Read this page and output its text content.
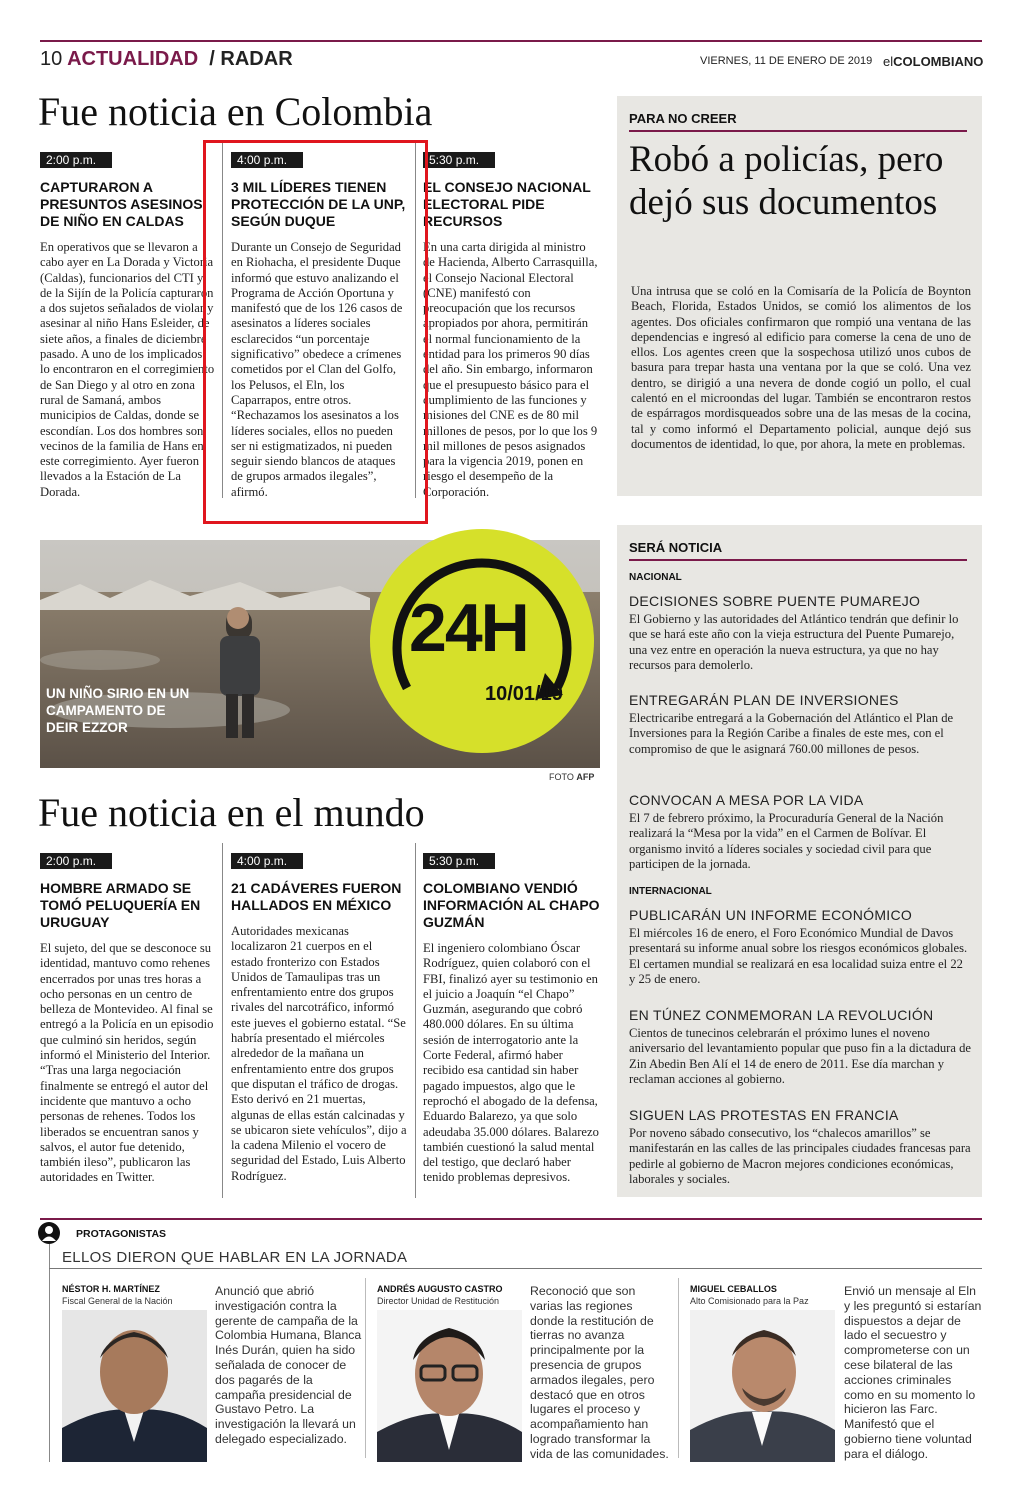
10 ACTUALIDAD / RADAR	VIERNES, 11 DE ENERO DE 2019 elCOLOMBIANO
Fue noticia en Colombia
2:00 p.m.
CAPTURARON A PRESUNTOS ASESINOS DE NIÑO EN CALDAS
En operativos que se llevaron a cabo ayer en La Dorada y Victoria (Caldas), funcionarios del CTI y de la Sijín de la Policía capturaron a dos sujetos señalados de violar y asesinar al niño Hans Esleider, de siete años, a finales de diciembre pasado. A uno de los implicados lo encontraron en el corregimiento de San Diego y al otro en zona rural de Samaná, ambos municipios de Caldas, donde se escondían. Los dos hombres son vecinos de la familia de Hans en este corregimiento. Ayer fueron llevados a la Estación de La Dorada.
4:00 p.m.
3 MIL LÍDERES TIENEN PROTECCIÓN DE LA UNP, SEGÚN DUQUE
Durante un Consejo de Seguridad en Riohacha, el presidente Duque informó que estuvo analizando el Programa de Acción Oportuna y manifestó que de los 126 casos de asesinatos a líderes sociales esclarecidos “un porcentaje significativo” obedece a crímenes cometidos por el Clan del Golfo, los Pelusos, el Eln, los Caparrapos, entre otros. “Rechazamos los asesinatos a los líderes sociales, ellos no pueden ser ni estigmatizados, ni pueden seguir siendo blancos de ataques de grupos armados ilegales”, afirmó.
5:30 p.m.
EL CONSEJO NACIONAL ELECTORAL PIDE RECURSOS
En una carta dirigida al ministro de Hacienda, Alberto Carrasquilla, el Consejo Nacional Electoral (CNE) manifestó con preocupación que los recursos apropiados por ahora, permitirán el normal funcionamiento de la entidad para los primeros 90 días del año. Sin embargo, informaron que el presupuesto básico para el cumplimiento de las funciones y misiones del CNE es de 80 mil millones de pesos, por lo que los 9 mil millones de pesos asignados para la vigencia 2019, ponen en riesgo el desempeño de la Corporación.
PARA NO CREER
Robó a policías, pero dejó sus documentos
Una intrusa que se coló en la Comisaría de la Policía de Boynton Beach, Florida, Estados Unidos, se comió los alimentos de los agentes. Dos oficiales confirmaron que rompió una ventana de las dependencias e ingresó al edificio para comerse la cena de uno de ellos. Los agentes creen que la sospechosa utilizó unos cubos de basura para trepar hasta una ventana por la que se coló. Una vez dentro, se dirigió a una nevera de donde cogió un pollo, el cual calentó en el microondas del lugar. También se encontraron restos de espárragos mordisqueados sobre una de las mesas de la cocina, tal y como informó el Departamento policial, aunque dejó sus documentos de identidad, lo que, por ahora, la mete en problemas.
UN NIÑO SIRIO EN UN CAMPAMENTO DE DEIR EZZOR
24H
10/01/19
FOTO AFP
SERÁ NOTICIA
NACIONAL
DECISIONES SOBRE PUENTE PUMAREJO
El Gobierno y las autoridades del Atlántico tendrán que definir lo que se hará este año con la vieja estructura del Puente Pumarejo, una vez entre en operación la nueva estructura, ya que no hay recursos para demolerlo.
ENTREGARÁN PLAN DE INVERSIONES
Electricaribe entregará a la Gobernación del Atlántico el Plan de Inversiones para la Región Caribe a finales de este mes, con el compromiso de que le asignará 760.00 millones de pesos.
CONVOCAN A MESA POR LA VIDA
El 7 de febrero próximo, la Procuraduría General de la Nación realizará la “Mesa por la vida” en el Carmen de Bolívar. El organismo invitó a líderes sociales y sociedad civil para que participen de la jornada.
INTERNACIONAL
PUBLICARÁN UN INFORME ECONÓMICO
El miércoles 16 de enero, el Foro Económico Mundial de Davos presentará su informe anual sobre los riesgos económicos globales. El certamen mundial se realizará en esa localidad suiza entre el 22 y 25 de enero.
EN TÚNEZ CONMEMORAN LA REVOLUCIÓN
Cientos de tunecinos celebrarán el próximo lunes el noveno aniversario del levantamiento popular que puso fin a la dictadura de Zin Abedin Ben Alí el 14 de enero de 2011. Ese día marchan y reclaman acciones al gobierno.
SIGUEN LAS PROTESTAS EN FRANCIA
Por noveno sábado consecutivo, los “chalecos amarillos” se manifestarán en las calles de las principales ciudades francesas para pedirle al gobierno de Macron mejores condiciones económicas, laborales y sociales.
Fue noticia en el mundo
2:00 p.m.
HOMBRE ARMADO SE TOMÓ PELUQUERÍA EN URUGUAY
El sujeto, del que se desconoce su identidad, mantuvo como rehenes encerrados por unas tres horas a ocho personas en un centro de belleza de Montevideo. Al final se entregó a la Policía en un episodio que culminó sin heridos, según informó el Ministerio del Interior. “Tras una larga negociación finalmente se entregó el autor del incidente que mantuvo a ocho personas de rehenes. Todos los liberados se encuentran sanos y salvos, el autor fue detenido, también ileso”, publicaron las autoridades en Twitter.
4:00 p.m.
21 CADÁVERES FUERON HALLADOS EN MÉXICO
Autoridades mexicanas localizaron 21 cuerpos en el estado fronterizo con Estados Unidos de Tamaulipas tras un enfrentamiento entre dos grupos rivales del narcotráfico, informó este jueves el gobierno estatal. “Se habría presentado el miércoles alrededor de la mañana un enfrentamiento entre dos grupos que disputan el tráfico de drogas. Esto derivó en 21 muertas, algunas de ellas están calcinadas y se ubicaron siete vehículos”, dijo a la cadena Milenio el vocero de seguridad del Estado, Luis Alberto Rodríguez.
5:30 p.m.
COLOMBIANO VENDIÓ INFORMACIÓN AL CHAPO GUZMÁN
El ingeniero colombiano Óscar Rodríguez, quien colaboró con el FBI, finalizó ayer su testimonio en el juicio a Joaquín “el Chapo” Guzmán, asegurando que cobró 480.000 dólares. En su última sesión de interrogatorio ante la Corte Federal, afirmó haber recibido esa cantidad sin haber pagado impuestos, algo que le reprochó el abogado de la defensa, Eduardo Balarezo, ya que solo adeudaba 35.000 dólares. Balarezo también cuestionó la salud mental del testigo, que declaró haber tenido problemas depresivos.
PROTAGONISTAS
ELLOS DIERON QUE HABLAR EN LA JORNADA
NÉSTOR H. MARTÍNEZ
Fiscal General de la Nación
Anunció que abrió investigación contra la gerente de campaña de la Colombia Humana, Blanca Inés Durán, quien ha sido señalada de conocer de dos pagarés de la campaña presidencial de Gustavo Petro. La investigación la llevará un delegado especializado.
ANDRÉS AUGUSTO CASTRO
Director Unidad de Restitución
Reconoció que son varias las regiones donde la restitución de tierras no avanza principalmente por la presencia de grupos armados ilegales, pero destacó que en otros lugares el proceso y acompañamiento han logrado transformar la vida de las comunidades.
MIGUEL CEBALLOS
Alto Comisionado para la Paz
Envió un mensaje al Eln y les preguntó si estarían dispuestos a dejar de lado el secuestro y comprometerse con un cese bilateral de las acciones criminales como en su momento lo hicieron las Farc. Manifestó que el gobierno tiene voluntad para el diálogo.
